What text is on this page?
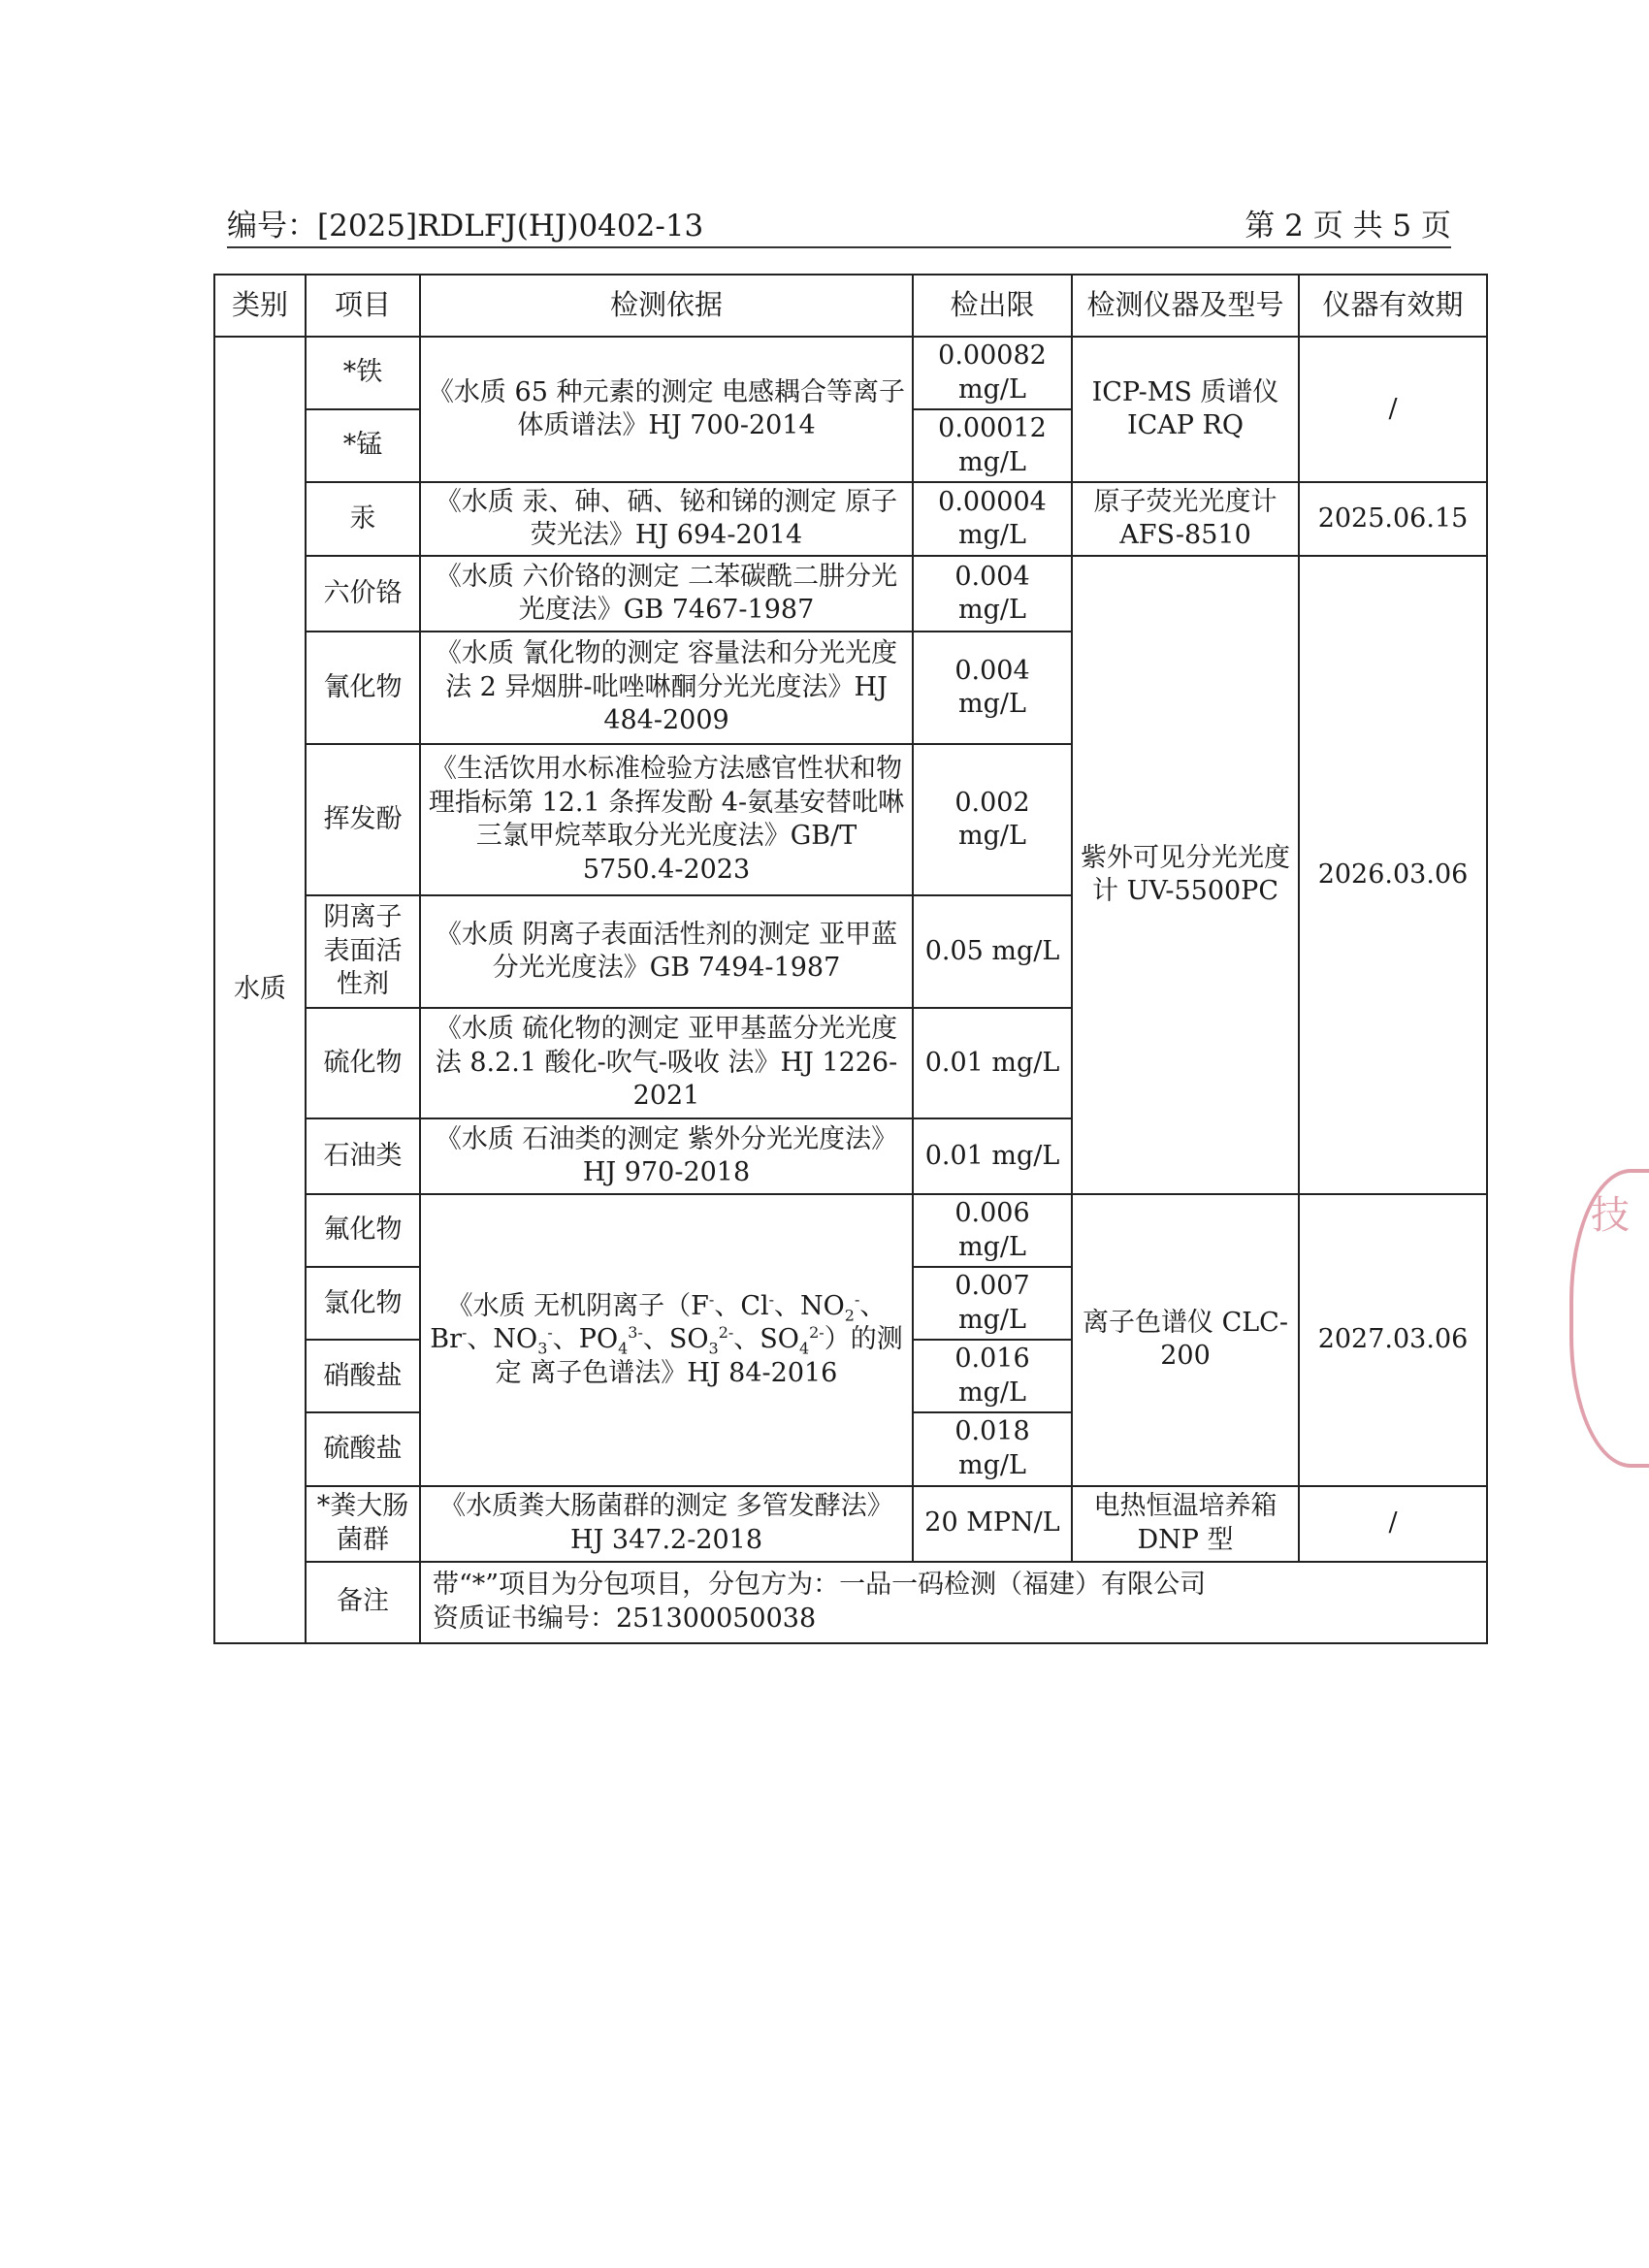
编号：[2025]RDLFJ(HJ)0402-13	第 2 页 共 5 页
类别	项目	检测依据	检出限	检测仪器及型号	仪器有效期
水质	*铁	《水质 65 种元素的测定 电感耦合等离子体质谱法》HJ 700-2014	0.00082 mg/L	ICP-MS 质谱仪 ICAP RQ	/
	*锰		0.00012 mg/L		
	汞	《水质 汞、砷、硒、铋和锑的测定 原子荧光法》HJ 694-2014	0.00004 mg/L	原子荧光光度计 AFS-8510	2025.06.15
	六价铬	《水质 六价铬的测定 二苯碳酰二肼分光光度法》GB 7467-1987	0.004 mg/L	紫外可见分光光度计 UV-5500PC	2026.03.06
	氰化物	《水质 氰化物的测定 容量法和分光光度法 2 异烟肼-吡唑啉酮分光光度法》HJ 484-2009	0.004 mg/L		
	挥发酚	《生活饮用水标准检验方法感官性状和物理指标第 12.1 条挥发酚 4-氨基安替吡啉三氯甲烷萃取分光光度法》GB/T 5750.4-2023	0.002 mg/L		
	阴离子表面活性剂	《水质 阴离子表面活性剂的测定 亚甲蓝分光光度法》GB 7494-1987	0.05 mg/L		
	硫化物	《水质 硫化物的测定 亚甲基蓝分光光度法 8.2.1 酸化-吹气-吸收 法》HJ 1226-2021	0.01 mg/L		
	石油类	《水质 石油类的测定 紫外分光光度法》HJ 970-2018	0.01 mg/L		
	氟化物	《水质 无机阴离子（F-、Cl-、$NO_2^-$、Br-、$NO_3^-$、$PO_4^{3-}$、$SO_3^{2-}$、$SO_4^{2-}$）的测定 离子色谱法》HJ 84-2016	0.006 mg/L	离子色谱仪 CLC-200	2027.03.06
	氯化物		0.007 mg/L		
	硝酸盐		0.016 mg/L		
	硫酸盐		0.018 mg/L		
	*粪大肠菌群	《水质粪大肠菌群的测定 多管发酵法》HJ 347.2-2018	20 MPN/L	电热恒温培养箱 DNP 型	/
	备注	带“*”项目为分包项目，分包方为：一品一码检测（福建）有限公司
资质证书编号：251300050038			
技
